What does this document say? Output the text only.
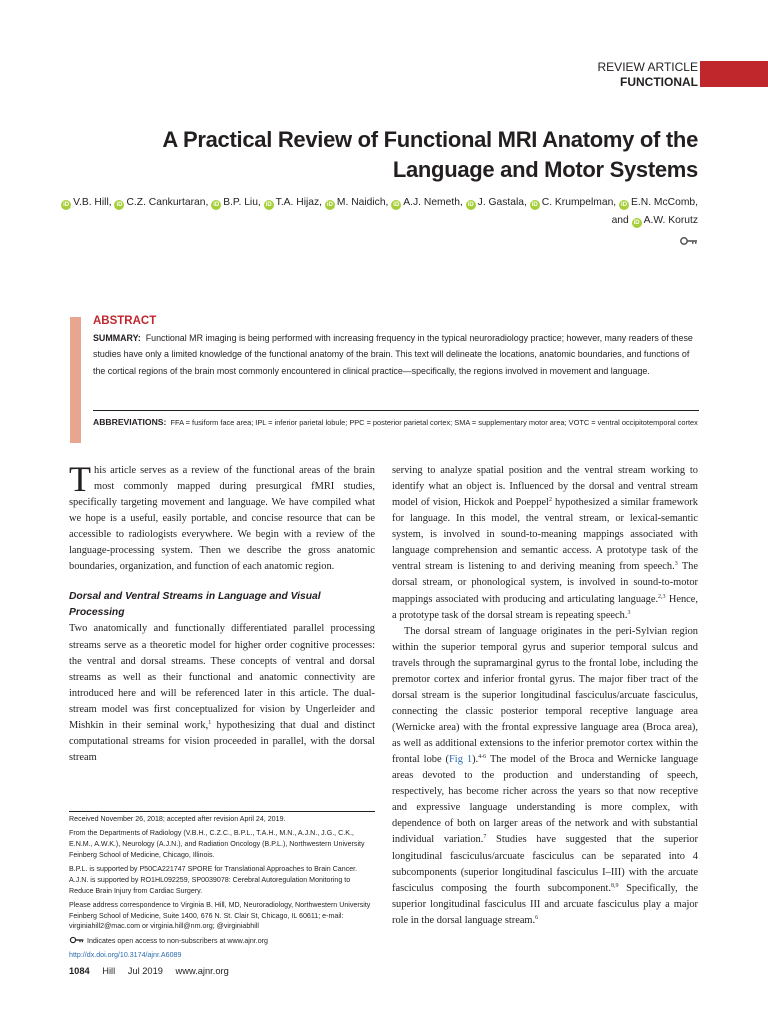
REVIEW ARTICLE
FUNCTIONAL
A Practical Review of Functional MRI Anatomy of the Language and Motor Systems
iD V.B. Hill, iD C.Z. Cankurtaran, iD B.P. Liu, iD T.A. Hijaz, iD M. Naidich, iD A.J. Nemeth, iD J. Gastala, iD C. Krumpelman, iD E.N. McComb,
and iD A.W. Korutz
ABSTRACT

SUMMARY: Functional MR imaging is being performed with increasing frequency in the typical neuroradiology practice; however, many readers of these studies have only a limited knowledge of the functional anatomy of the brain. This text will delineate the locations, anatomic boundaries, and functions of the cortical regions of the brain most commonly encountered in clinical practice—specifically, the regions involved in movement and language.

ABBREVIATIONS: FFA = fusiform face area; IPL = inferior parietal lobule; PPC = posterior parietal cortex; SMA = supplementary motor area; VOTC = ventral occipitotemporal cortex

This article serves as a review of the functional areas of the brain most commonly mapped during presurgical fMRI studies, specifically targeting movement and language. We have compiled what we hope is a useful, easily portable, and concise resource that can be accessible to radiologists everywhere. We begin with a review of the language-processing system. Then we describe the gross anatomic boundaries, organization, and function of each anatomic region.

Dorsal and Ventral Streams in Language and Visual Processing

Two anatomically and functionally differentiated parallel processing streams serve as a theoretic model for higher order cognitive processes: the ventral and dorsal streams. These concepts of ventral and dorsal streams as well as their functional and anatomic connectivity are introduced here and will be referenced later in this article. The dual-stream model was first conceptualized for vision by Ungerleider and Mishkin in their seminal work,$^1$ hypothesizing that dual and distinct computational streams for vision proceeded in parallel, with the dorsal stream

serving to analyze spatial position and the ventral stream working to identify what an object is. Influenced by the dorsal and ventral stream model of vision, Hickok and Poeppel$^2$ hypothesized a similar framework for language. In this model, the ventral stream, or lexical-semantic system, is involved in sound-to-meaning mappings associated with language comprehension and semantic access. A prototype task of the ventral stream is listening to and deriving meaning from speech.$^3$ The dorsal stream, or phonological system, is involved in sound-to-motor mappings associated with producing and articulating language.$^{2,3}$ Hence, a prototype task of the dorsal stream is repeating speech.$^3$

The dorsal stream of language originates in the peri-Sylvian region within the superior temporal gyrus and superior temporal sulcus and travels through the supramarginal gyrus to the frontal lobe, including the premotor cortex and inferior frontal gyrus. The major fiber tract of the dorsal stream is the superior longitudinal fasciculus/arcuate fasciculus, connecting the classic posterior temporal receptive language area (Wernicke area) with the frontal expressive language area (Broca area), as well as additional extensions to the inferior premotor cortex within the frontal lobe (Fig 1).$^{4-6}$ The model of the Broca and Wernicke language areas devoted to the production and understanding of speech, respectively, has become richer across the years so that now receptive and expressive language understanding is more complex, with dependence of both on larger areas of the network and with substantial individual variation.$^7$ Studies have suggested that the superior longitudinal fasciculus/arcuate fasciculus can be separated into 4 subcomponents (superior longitudinal fasciculus I–III) with the arcuate fasciculus composing the fourth subcomponent.$^{8,9}$ Specifically, the superior longitudinal fasciculus III and arcuate fasciculus play a major role in the dorsal language stream.$^6$

Received November 26, 2018; accepted after revision April 24, 2019.

From the Departments of Radiology (V.B.H., C.Z.C., B.P.L., T.A.H., M.N., A.J.N., J.G., C.K., E.N.M., A.W.K.), Neurology (A.J.N.), and Radiation Oncology (B.P.L.), Northwestern University Feinberg School of Medicine, Chicago, Illinois.

B.P.L. is supported by P50CA221747 SPORE for Translational Approaches to Brain Cancer. A.J.N. is supported by RO1HL092259, SP0039078: Cerebral Autoregulation Monitoring to Reduce Brain Injury from Cardiac Surgery.

Please address correspondence to Virginia B. Hill, MD, Neuroradiology, Northwestern University Feinberg School of Medicine, Suite 1400, 676 N. St. Clair St, Chicago, IL 60611; e-mail: virginiahill2@mac.com or virginia.hill@nm.org; @virginiabhill

Indicates open access to non-subscribers at www.ajnr.org

http://dx.doi.org/10.3174/ajnr.A6089

1084 Hill Jul 2019 www.ajnr.org
